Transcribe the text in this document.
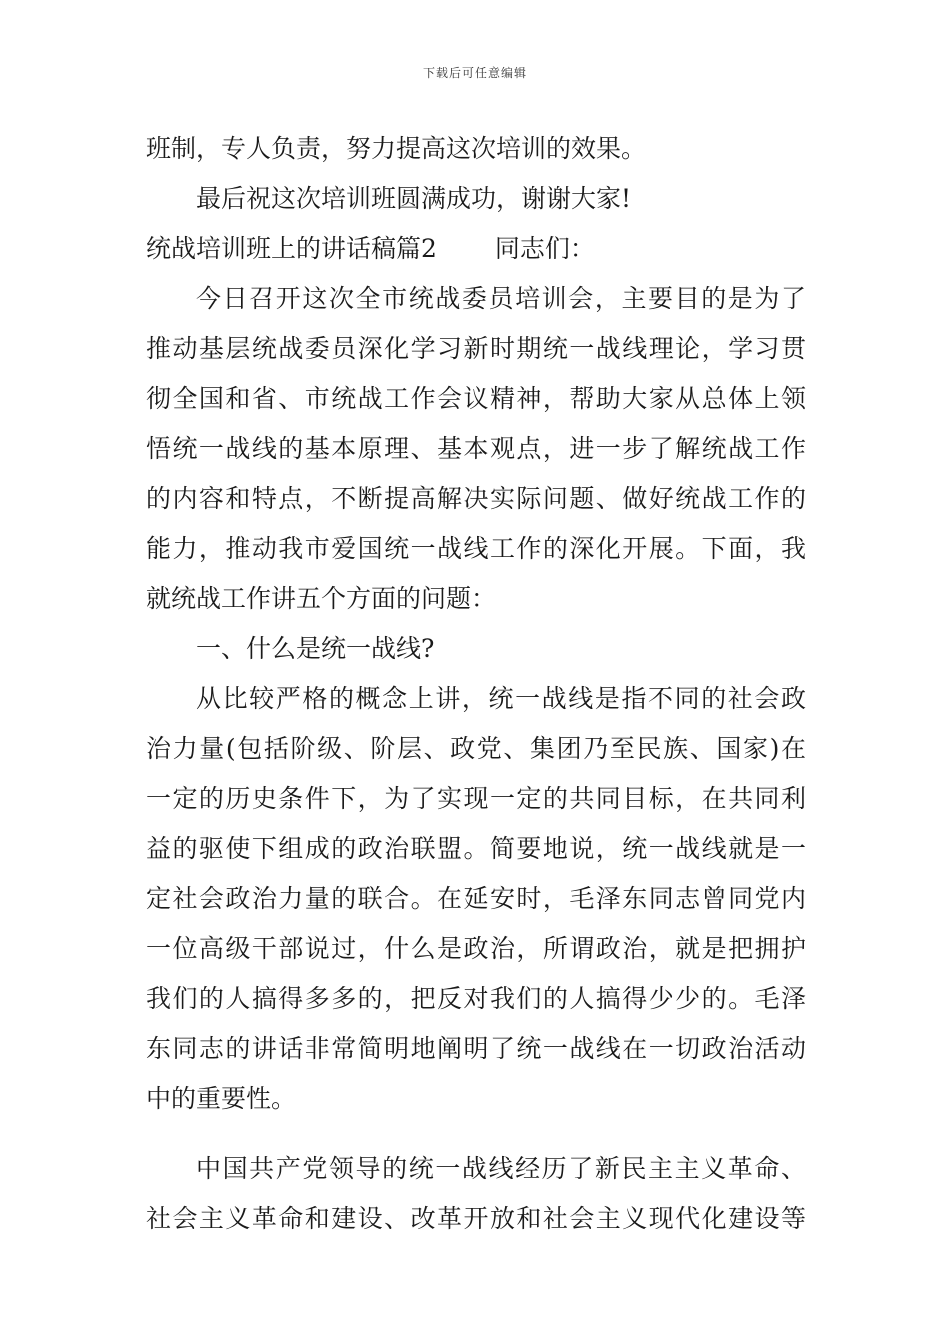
下载后可任意编辑
班制，专人负责，努力提高这次培训的效果。
最后祝这次培训班圆满成功，谢谢大家!
统战培训班上的讲话稿篇2 同志们：
今日召开这次全市统战委员培训会，主要目的是为了
推动基层统战委员深化学习新时期统一战线理论，学习贯
彻全国和省、市统战工作会议精神，帮助大家从总体上领
悟统一战线的基本原理、基本观点，进一步了解统战工作
的内容和特点，不断提高解决实际问题、做好统战工作的
能力，推动我市爱国统一战线工作的深化开展。下面，我
就统战工作讲五个方面的问题：
一、什么是统一战线?
从比较严格的概念上讲，统一战线是指不同的社会政
治力量(包括阶级、阶层、政党、集团乃至民族、国家)在
一定的历史条件下，为了实现一定的共同目标，在共同利
益的驱使下组成的政治联盟。简要地说，统一战线就是一
定社会政治力量的联合。在延安时，毛泽东同志曾同党内
一位高级干部说过，什么是政治，所谓政治，就是把拥护
我们的人搞得多多的，把反对我们的人搞得少少的。毛泽
东同志的讲话非常简明地阐明了统一战线在一切政治活动
中的重要性。
中国共产党领导的统一战线经历了新民主主义革命、
社会主义革命和建设、改革开放和社会主义现代化建设等
